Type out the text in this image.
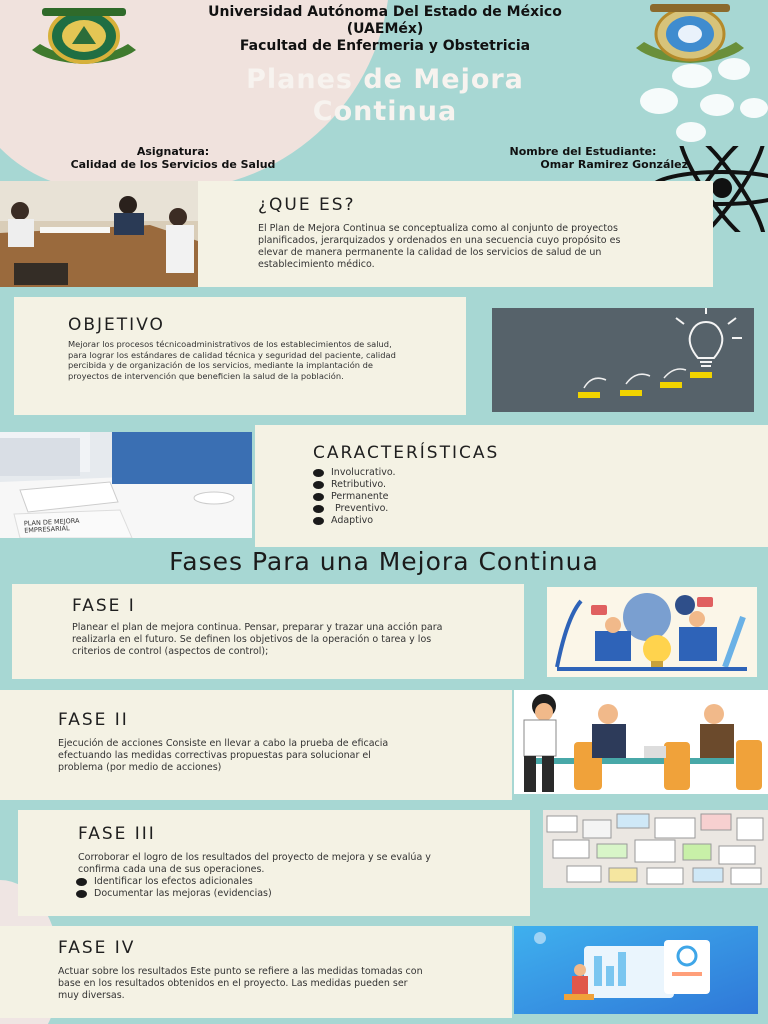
Universidad Autónoma Del Estado de México
(UAEMéx)
Facultad de Enfermeria y Obstetricia
Planes de Mejora
Continua
Asignatura:
Calidad de los Servicios de Salud
Nombre del Estudiante:
Omar Ramirez González
¿QUE ES?

El Plan de Mejora Continua se conceptualiza como al conjunto de proyectos planificados, jerarquizados y ordenados en una secuencia cuyo propósito es elevar de manera permanente la calidad de los servicios de salud de un establecimiento médico.

OBJETIVO

Mejorar los procesos técnicoadministrativos de los establecimientos de salud, para lograr los estándares de calidad técnica y seguridad del paciente, calidad percibida y de organización de los servicios, mediante la implantación de proyectos de intervención que beneficien la salud de la población.

PLAN DE MEJORA EMPRESARIAL
CARACTERÍSTICAS
Involucrativo.
Retributivo.
Permanente
Preventivo.
Adaptivo
Fases Para una Mejora Continua
FASE I

Planear el plan de mejora continua. Pensar, preparar y trazar una acción para realizarla en el futuro. Se definen los objetivos de la operación o tarea y los criterios de control (aspectos de control);

FASE II

Ejecución de acciones Consiste en llevar a cabo la prueba de eficacia efectuando las medidas correctivas propuestas para solucionar el problema (por medio de acciones)

FASE III

Corroborar el logro de los resultados del proyecto de mejora y se evalúa y confirma cada una de sus operaciones.

Identificar los efectos adicionales
Documentar las mejoras (evidencias)
FASE IV

Actuar sobre los resultados Este punto se refiere a las medidas tomadas con base en los resultados obtenidos en el proyecto. Las medidas pueden ser muy diversas.
